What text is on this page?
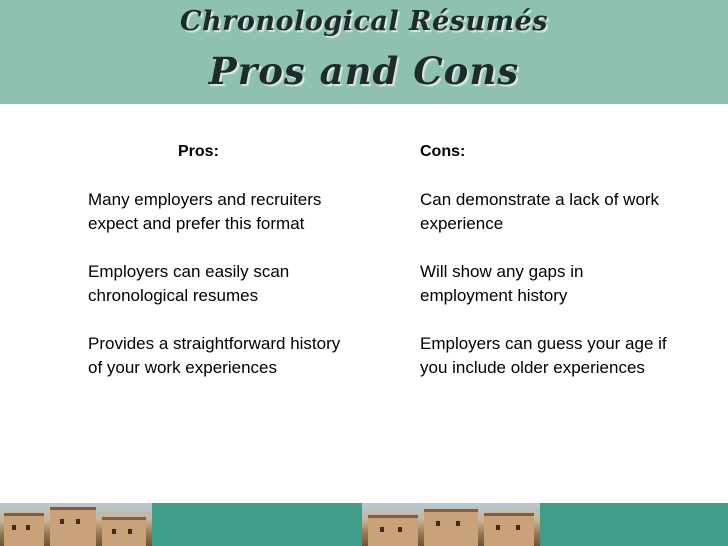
Chronological Résumés
Pros and Cons
Pros:
Many employers and recruiters expect and prefer this format
Employers can easily scan chronological resumes
Provides a straightforward history of your work experiences
Cons:
Can demonstrate a lack of work experience
Will show any gaps in employment history
Employers can guess your age if you include older experiences
